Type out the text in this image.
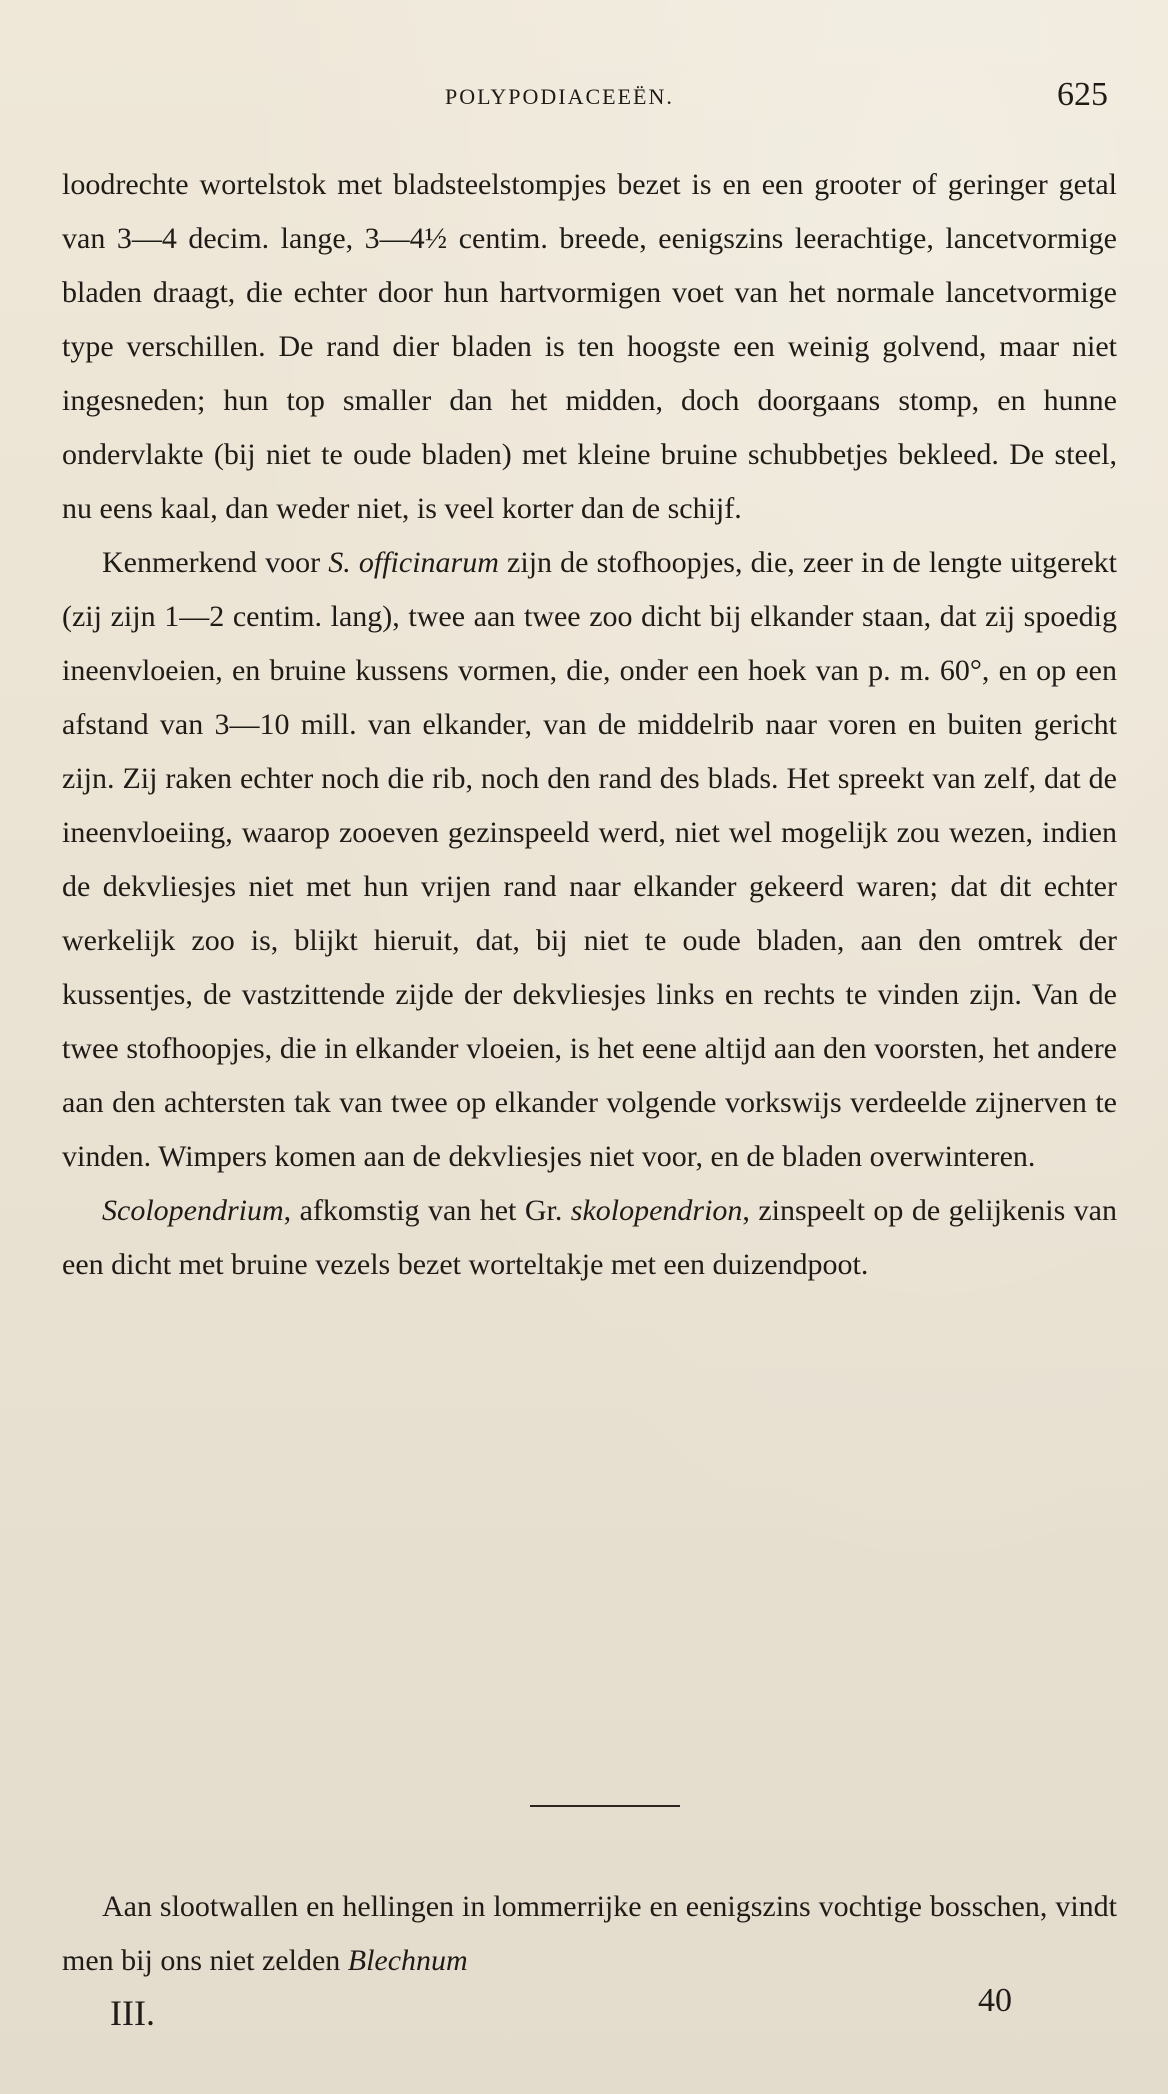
POLYPODIACEEËN.	625

loodrechte wortelstok met bladsteelstompjes bezet is en een grooter of geringer getal van 3—4 decim. lange, 3—4½ centim. breede, eenigszins leerachtige, lancetvormige bladen draagt, die echter door hun hartvormigen voet van het normale lancetvormige type verschillen. De rand dier bladen is ten hoogste een weinig golvend, maar niet ingesneden; hun top smaller dan het midden, doch doorgaans stomp, en hunne ondervlakte (bij niet te oude bladen) met kleine bruine schubbetjes bekleed. De steel, nu eens kaal, dan weder niet, is veel korter dan de schijf.

Kenmerkend voor S. officinarum zijn de stofhoopjes, die, zeer in de lengte uitgerekt (zij zijn 1—2 centim. lang), twee aan twee zoo dicht bij elkander staan, dat zij spoedig ineenvloeien, en bruine kussens vormen, die, onder een hoek van p. m. 60°, en op een afstand van 3—10 mill. van elkander, van de middelrib naar voren en buiten gericht zijn. Zij raken echter noch die rib, noch den rand des blads. Het spreekt van zelf, dat de ineenvloeiing, waarop zooeven gezinspeeld werd, niet wel mogelijk zou wezen, indien de dekvliesjes niet met hun vrijen rand naar elkander gekeerd waren; dat dit echter werkelijk zoo is, blijkt hieruit, dat, bij niet te oude bladen, aan den omtrek der kussentjes, de vastzittende zijde der dekvliesjes links en rechts te vinden zijn. Van de twee stofhoopjes, die in elkander vloeien, is het eene altijd aan den voorsten, het andere aan den achtersten tak van twee op elkander volgende vorkswijs verdeelde zijnerven te vinden. Wimpers komen aan de dekvliesjes niet voor, en de bladen overwinteren.

Scolopendrium, afkomstig van het Gr. skolopendrion, zinspeelt op de gelijkenis van een dicht met bruine vezels bezet worteltakje met een duizendpoot.

Aan slootwallen en hellingen in lommerrijke en eenigszins vochtige bosschen, vindt men bij ons niet zelden Blechnum

III.	40
